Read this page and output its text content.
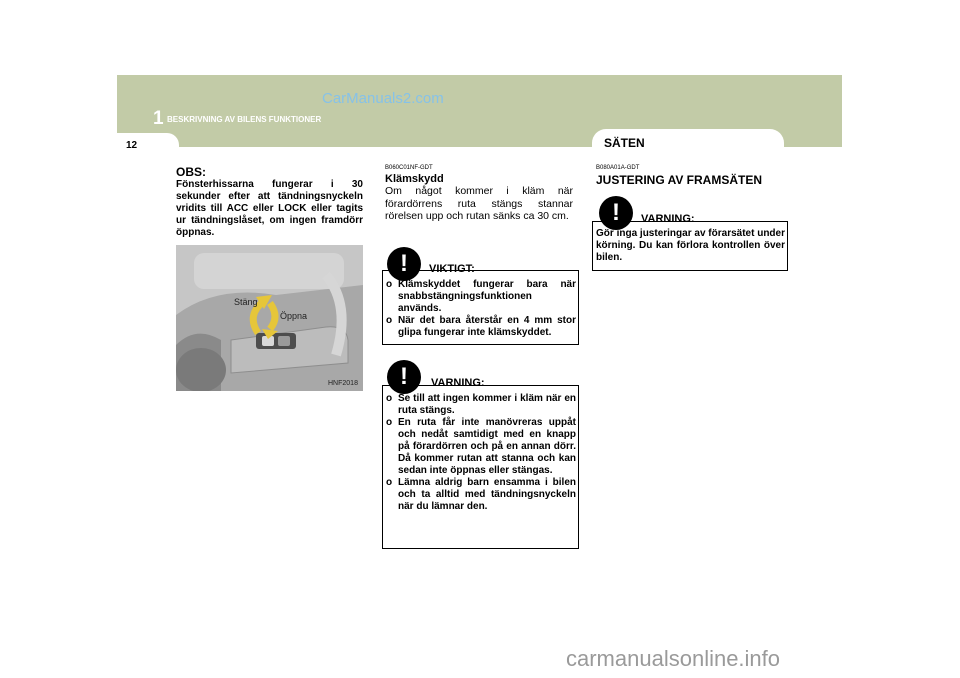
1 BESKRIVNING AV BILENS FUNKTIONER
CarManuals2.com
12	SÄTEN
OBS:
Fönsterhissarna fungerar i 30 sekunder efter att tändningsnyckeln vridits till ACC eller LOCK eller tagits ur tändningslåset, om ingen framdörr öppnas.
Stäng
Öppna
HNF2018
B060C01NF-GDT
Klämskydd
Om något kommer i kläm när förardörrens ruta stängs stannar rörelsen upp och rutan sänks ca 30 cm.
!	VIKTIGT:
o Klämskyddet fungerar bara när snabbstängningsfunktionen används.
o När det bara återstår en 4 mm stor glipa fungerar inte klämskyddet.
!	VARNING:
o Se till att ingen kommer i kläm när en ruta stängs.
o En ruta får inte manövreras uppåt och nedåt samtidigt med en knapp på förardörren och på en annan dörr. Då kommer rutan att stanna och kan sedan inte öppnas eller stängas.
o Lämna aldrig barn ensamma i bilen och ta alltid med tändningsnyckeln när du lämnar den.
B080A01A-GDT
JUSTERING AV FRAMSÄTEN
!	VARNING:
Gör inga justeringar av förarsätet under körning. Du kan förlora kontrollen över bilen.
carmanualsonline.info
